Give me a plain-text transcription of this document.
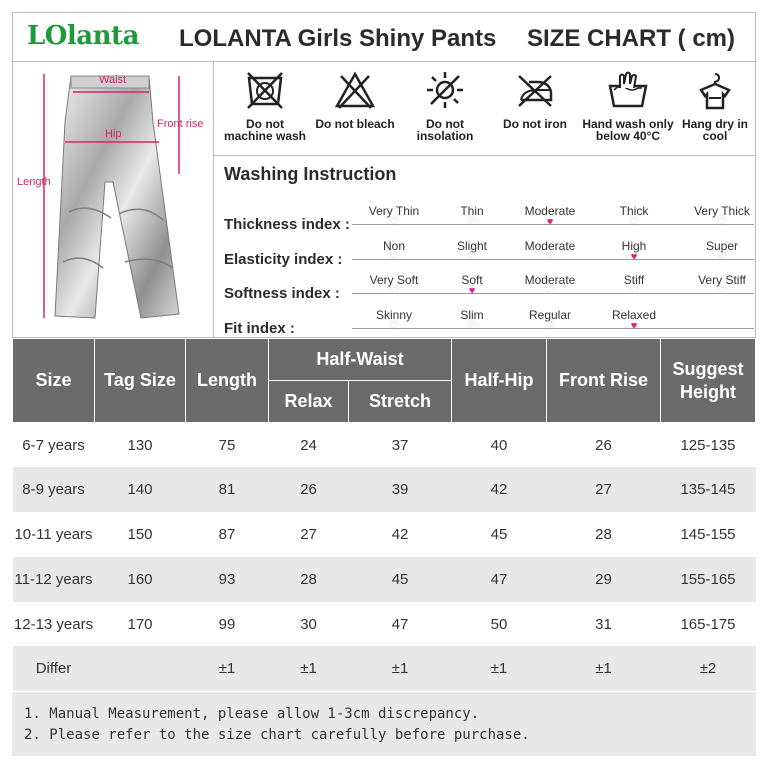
LOlanta LOLANTA Girls Shiny Pants SIZE CHART ( cm)
Waist
Hip
Front rise
Length
Do not
machine wash
Do not bleach	Do not
insolation
Do not iron	Hand wash only
below 40°C
Hang dry in
cool
Washing Instruction
Thickness index :
Very Thin
♡
Thin
♡
Moderate
♥
Thick
♡
Very Thick
♡
Elasticity index :
Non
♡
Slight
♡
Moderate
♡
High
♥
Super
♡
Softness index :
Very Soft
♡
Soft
♥
Moderate
♡
Stiff
♡
Very Stiff
♡
Fit index :
Skinny
♡
Slim
♡
Regular
♡
Relaxed
♥
Size	Tag Size	Length	Half-Waist		Half-Hip	Front Rise	Suggest Height
			Relax	Stretch			
6-7 years	130	75	24	37	40	26	125-135
8-9 years	140	81	26	39	42	27	135-145
10-11 years	150	87	27	42	45	28	145-155
11-12 years	160	93	28	45	47	29	155-165
12-13 years	170	99	30	47	50	31	165-175
Differ		±1	±1	±1	±1	±1	±2
1. Manual Measurement, please allow 1-3cm discrepancy.
2. Please refer to the size chart carefully before purchase.
